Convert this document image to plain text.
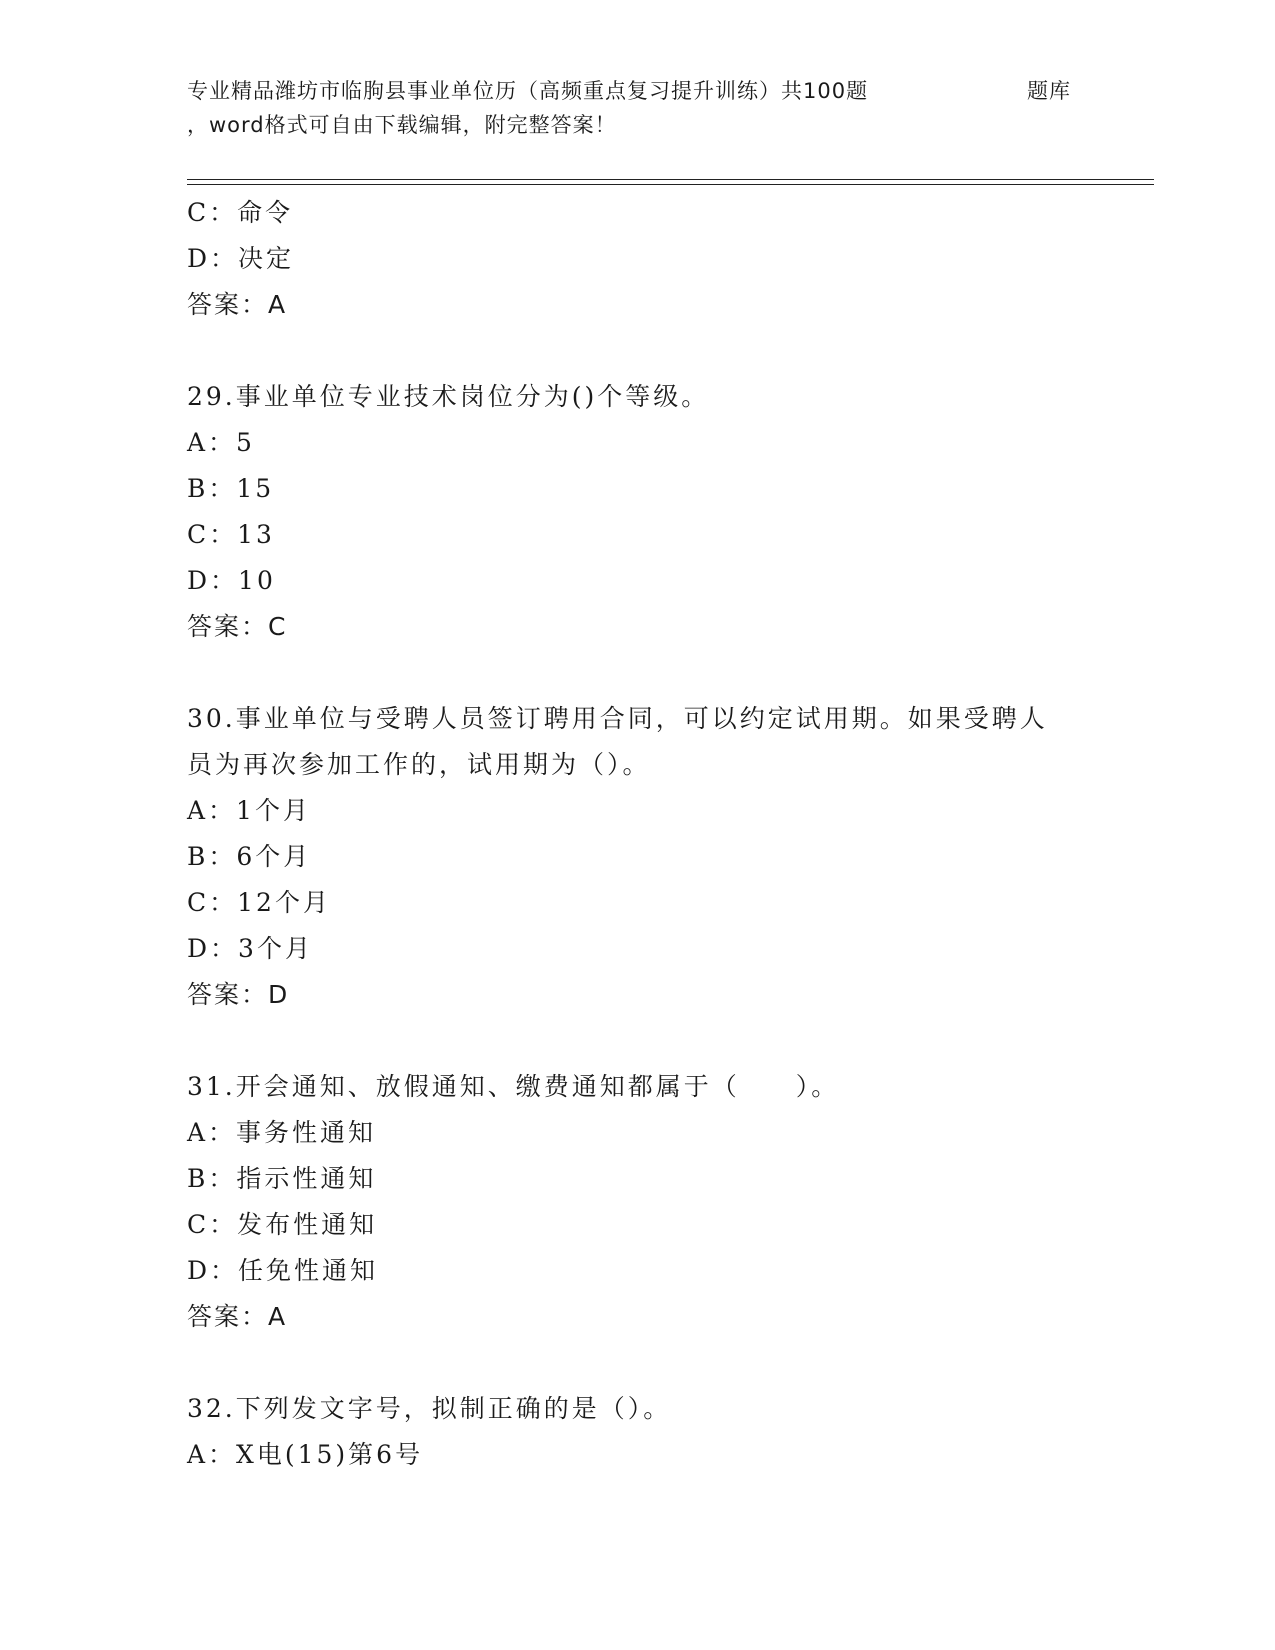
专业精品潍坊市临朐县事业单位历（高频重点复习提升训练）共100题	题库
，word格式可自由下载编辑，附完整答案！
C：命令
D：决定
答案：A
29.事业单位专业技术岗位分为()个等级。
A：5
B：15
C：13
D：10
答案：C
30.事业单位与受聘人员签订聘用合同，可以约定试用期。如果受聘人
员为再次参加工作的，试用期为（）。
A：1个月
B：6个月
C：12个月
D：3个月
答案：D
31.开会通知、放假通知、缴费通知都属于（　　）。
A：事务性通知
B：指示性通知
C：发布性通知
D：任免性通知
答案：A
32.下列发文字号，拟制正确的是（）。
A：X电(15)第6号
